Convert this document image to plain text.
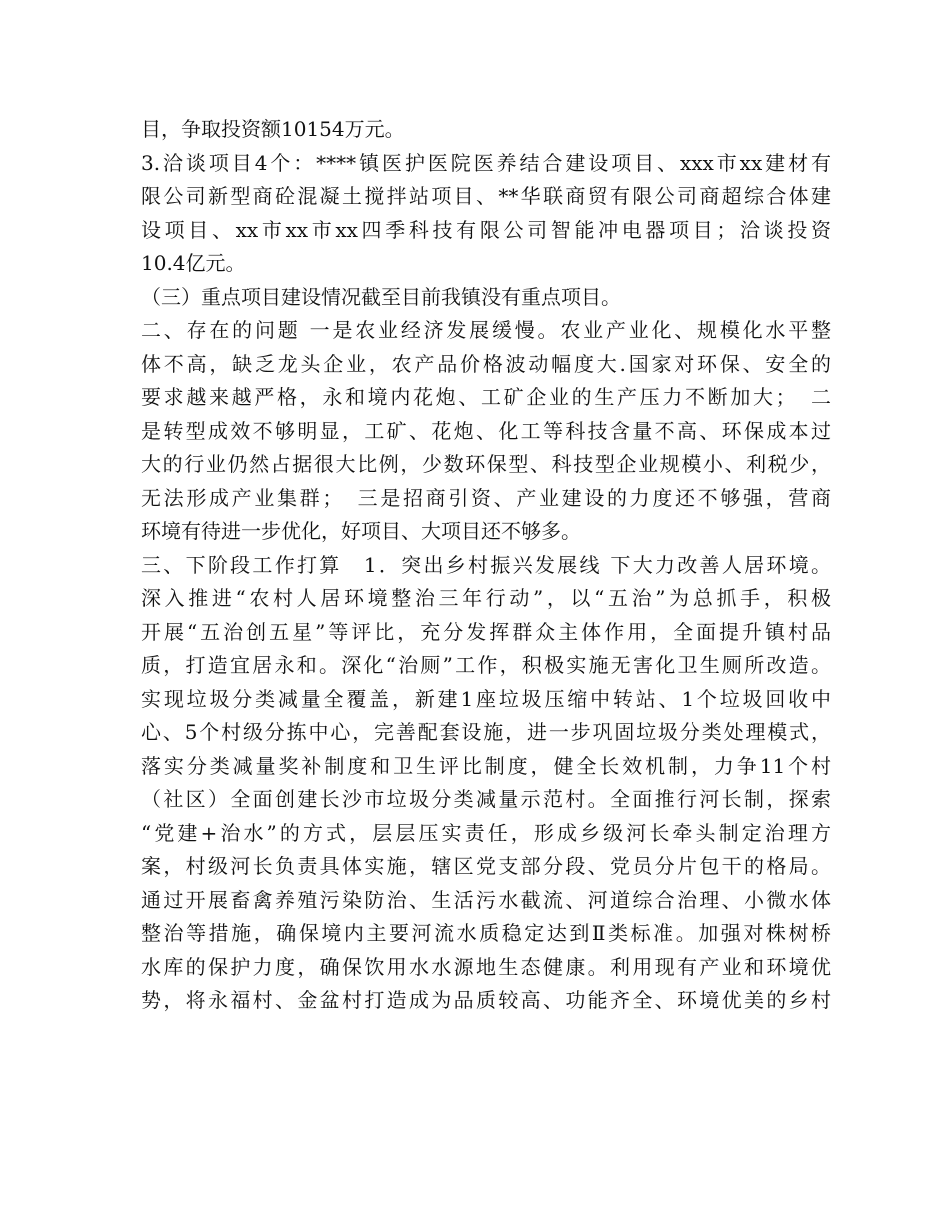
目，争取投资额10154万元。
3.洽谈项目4个：****镇医护医院医养结合建设项目、xxx市xx建材有
限公司新型商砼混凝土搅拌站项目、**华联商贸有限公司商超综合体建
设项目、xx市xx市xx四季科技有限公司智能冲电器项目；洽谈投资
10.4亿元。
（三）重点项目建设情况截至目前我镇没有重点项目。
二、存在的问题 一是农业经济发展缓慢。农业产业化、规模化水平整
体不高，缺乏龙头企业，农产品价格波动幅度大.国家对环保、安全的
要求越来越严格，永和境内花炮、工矿企业的生产压力不断加大；　二
是转型成效不够明显，工矿、花炮、化工等科技含量不高、环保成本过
大的行业仍然占据很大比例，少数环保型、科技型企业规模小、利税少，
无法形成产业集群；　三是招商引资、产业建设的力度还不够强，营商
环境有待进一步优化，好项目、大项目还不够多。
三、下阶段工作打算　1．突出乡村振兴发展线 下大力改善人居环境。
深入推进“农村人居环境整治三年行动”，以“五治”为总抓手，积极
开展“五治创五星”等评比，充分发挥群众主体作用，全面提升镇村品
质，打造宜居永和。深化“治厕”工作，积极实施无害化卫生厕所改造。
实现垃圾分类减量全覆盖，新建1座垃圾压缩中转站、1个垃圾回收中
心、5个村级分拣中心，完善配套设施，进一步巩固垃圾分类处理模式，
落实分类减量奖补制度和卫生评比制度，健全长效机制，力争11个村
（社区）全面创建长沙市垃圾分类减量示范村。全面推行河长制，探索
“党建+治水”的方式，层层压实责任，形成乡级河长牵头制定治理方
案，村级河长负责具体实施，辖区党支部分段、党员分片包干的格局。
通过开展畜禽养殖污染防治、生活污水截流、河道综合治理、小微水体
整治等措施，确保境内主要河流水质稳定达到Ⅱ类标准。加强对株树桥
水库的保护力度，确保饮用水水源地生态健康。利用现有产业和环境优
势，将永福村、金盆村打造成为品质较高、功能齐全、环境优美的乡村
